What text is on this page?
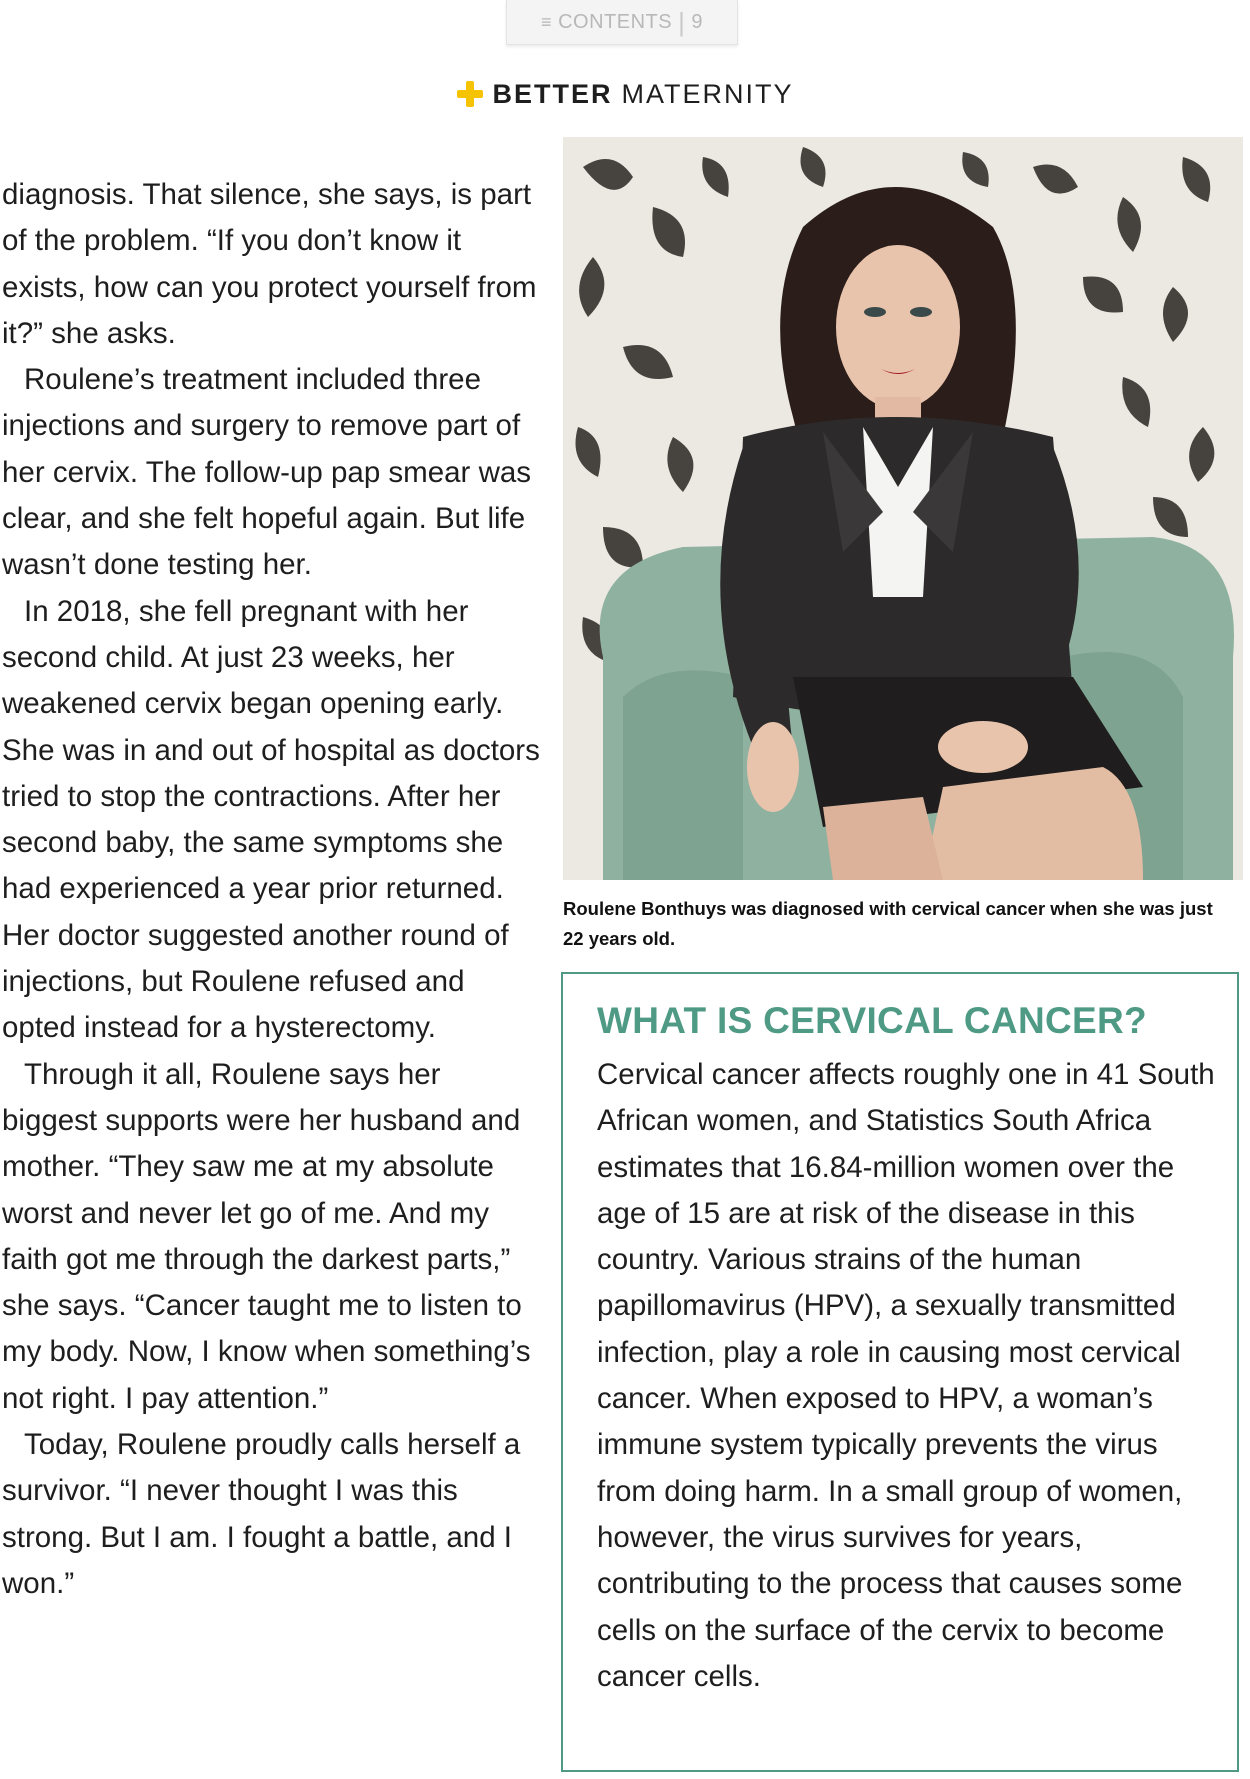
≡ CONTENTS | 9
BETTER MATERNITY

diagnosis. That silence, she says, is part of the problem. “If you don’t know it exists, how can you protect yourself from it?” she asks.

Roulene’s treatment included three injections and surgery to remove part of her cervix. The follow-up pap smear was clear, and she felt hopeful again. But life wasn’t done testing her.

In 2018, she fell pregnant with her second child. At just 23 weeks, her weakened cervix began opening early. She was in and out of hospital as doctors tried to stop the contractions. After her second baby, the same symptoms she had experienced a year prior returned. Her doctor suggested another round of injections, but Roulene refused and opted instead for a hysterectomy.

Through it all, Roulene says her biggest supports were her husband and mother. “They saw me at my absolute worst and never let go of me. And my faith got me through the darkest parts,” she says. “Cancer taught me to listen to my body. Now, I know when something’s not right. I pay attention.”

Today, Roulene proudly calls herself a survivor. “I never thought I was this strong. But I am. I fought a battle, and I won.”

Roulene Bonthuys was diagnosed with cervical cancer when she was just 22 years old.
WHAT IS CERVICAL CANCER?
Cervical cancer affects roughly one in 41 South African women, and Statistics South Africa estimates that 16.84-million women over the age of 15 are at risk of the disease in this country. Various strains of the human papillomavirus (HPV), a sexually transmitted infection, play a role in causing most cervical cancer. When exposed to HPV, a woman’s immune system typically prevents the virus from doing harm. In a small group of women, however, the virus survives for years, contributing to the process that causes some cells on the surface of the cervix to become cancer cells.
